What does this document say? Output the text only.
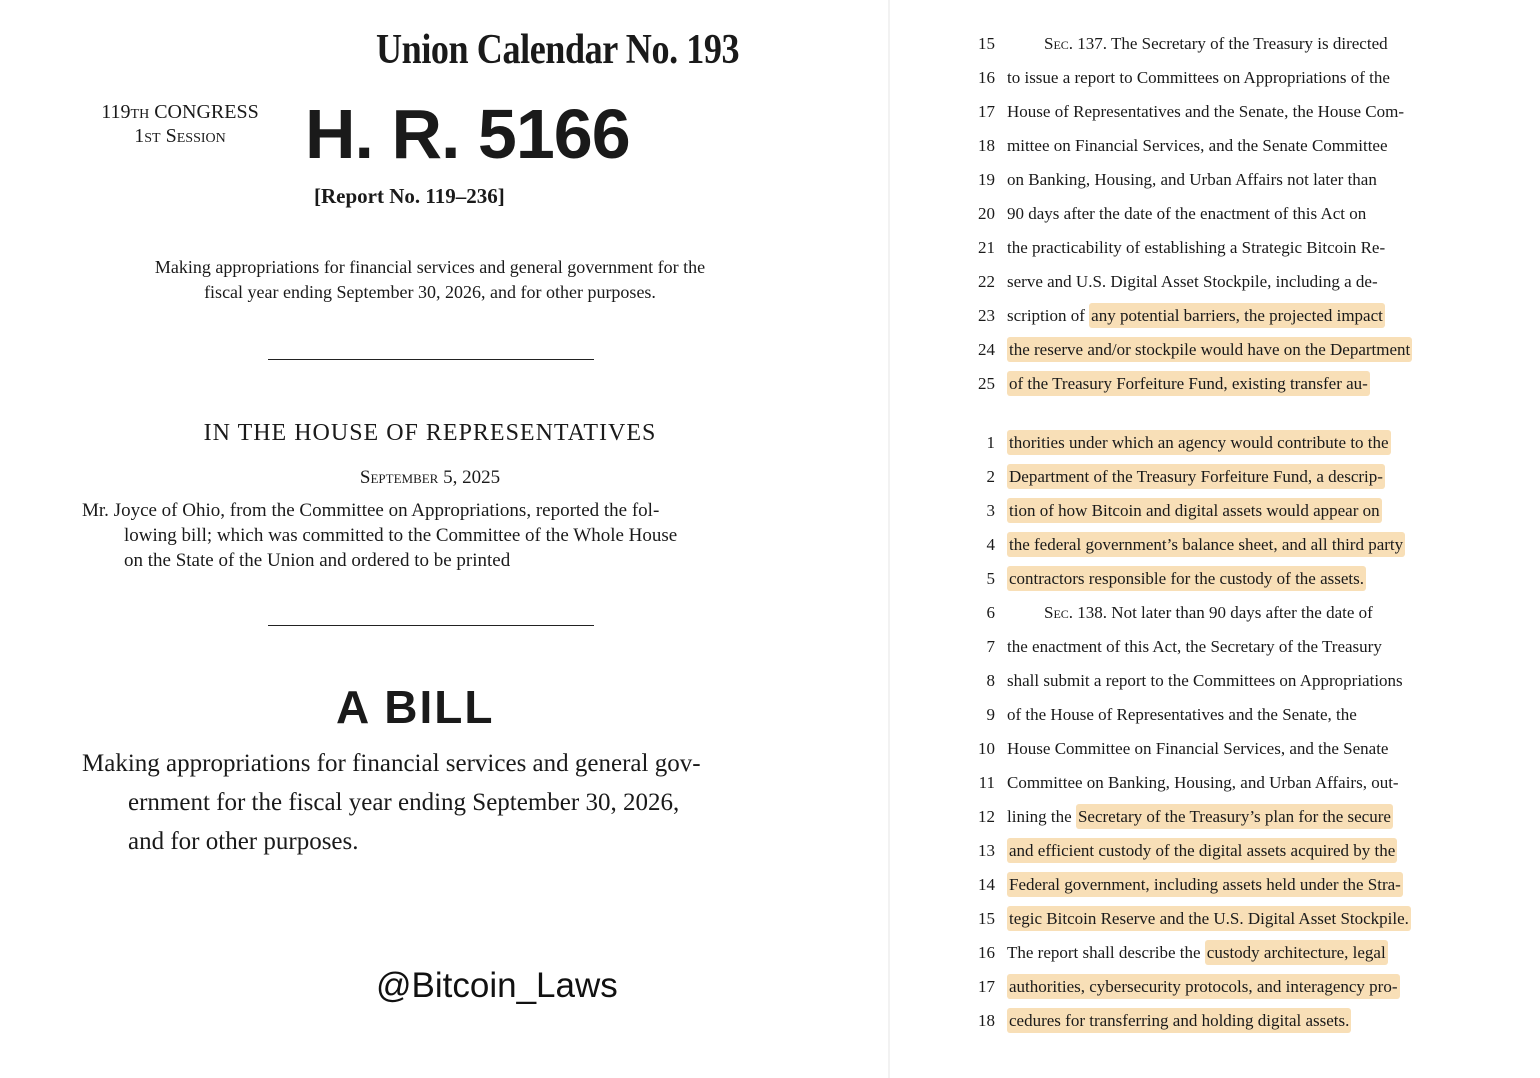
Union Calendar No. 193
119th CONGRESS
1st Session	H. R. 5166
[Report No. 119–236]
Making appropriations for financial services and general government for the
fiscal year ending September 30, 2026, and for other purposes.
IN THE HOUSE OF REPRESENTATIVES
September 5, 2025
Mr. Joyce of Ohio, from the Committee on Appropriations, reported the fol-
lowing bill; which was committed to the Committee of the Whole House
on the State of the Union and ordered to be printed
A BILL
Making appropriations for financial services and general gov-
ernment for the fiscal year ending September 30, 2026,
and for other purposes.
@Bitcoin_Laws
15	Sec. 137. The Secretary of the Treasury is directed
16 to issue a report to Committees on Appropriations of the
17 House of Representatives and the Senate, the House Com-
18 mittee on Financial Services, and the Senate Committee
19 on Banking, Housing, and Urban Affairs not later than
20 90 days after the date of the enactment of this Act on
21 the practicability of establishing a Strategic Bitcoin Re-
22 serve and U.S. Digital Asset Stockpile, including a de-
23 scription of any potential barriers, the projected impact
24 the reserve and/or stockpile would have on the Department
25 of the Treasury Forfeiture Fund, existing transfer au-
1 thorities under which an agency would contribute to the
2 Department of the Treasury Forfeiture Fund, a descrip-
3 tion of how Bitcoin and digital assets would appear on
4 the federal government’s balance sheet, and all third party
5 contractors responsible for the custody of the assets.
6	Sec. 138. Not later than 90 days after the date of
7 the enactment of this Act, the Secretary of the Treasury
8 shall submit a report to the Committees on Appropriations
9 of the House of Representatives and the Senate, the
10 House Committee on Financial Services, and the Senate
11 Committee on Banking, Housing, and Urban Affairs, out-
12 lining the Secretary of the Treasury’s plan for the secure
13 and efficient custody of the digital assets acquired by the
14 Federal government, including assets held under the Stra-
15 tegic Bitcoin Reserve and the U.S. Digital Asset Stockpile.
16 The report shall describe the custody architecture, legal
17 authorities, cybersecurity protocols, and interagency pro-
18 cedures for transferring and holding digital assets.
